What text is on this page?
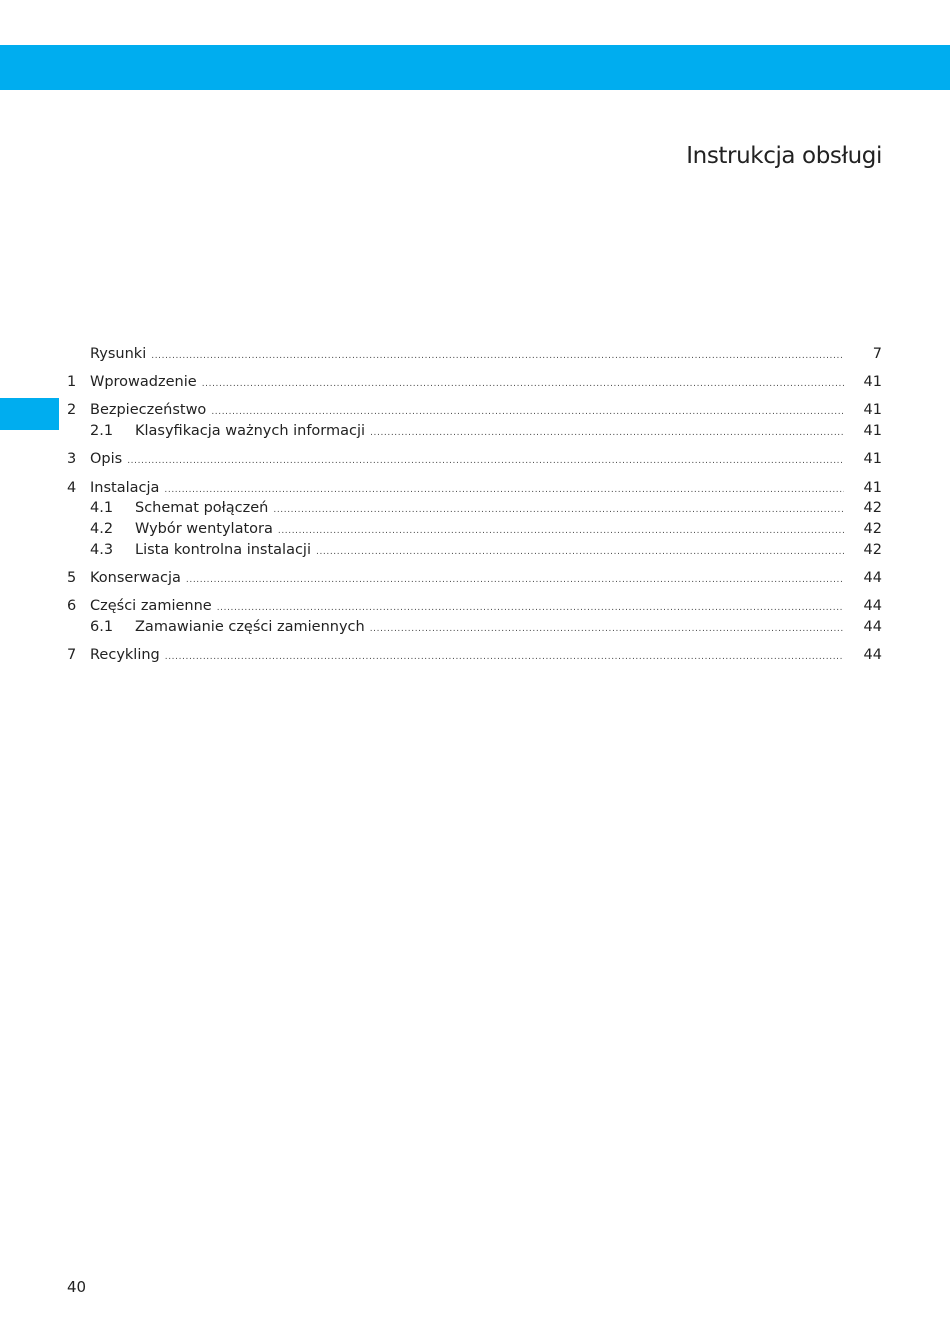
Instrukcja obsługi
Rysunki .....	7
1 Wprowadzenie .....	41
2 Bezpieczeństwo .....	41
2.1 Klasyfikacja ważnych informacji .....	41
3 Opis .....	41
4 Instalacja .....	41
4.1 Schemat połączeń .....	42
4.2 Wybór wentylatora .....	42
4.3 Lista kontrolna instalacji .....	42
5 Konserwacja .....	44
6 Części zamienne .....	44
6.1 Zamawianie części zamiennych .....	44
7 Recykling .....	44
40
